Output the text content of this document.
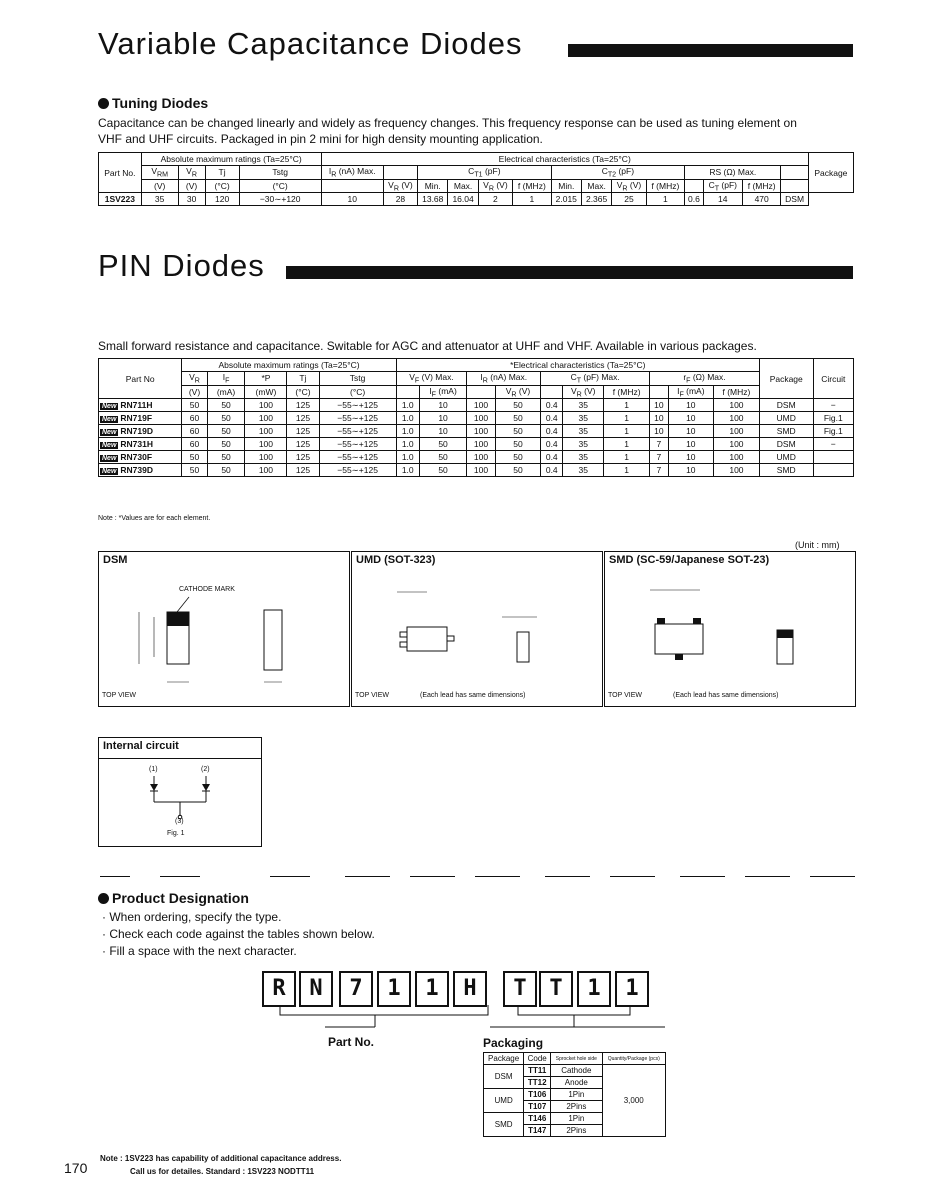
Variable Capacitance Diodes
Tuning Diodes
Capacitance can be changed linearly and widely as frequency changes. This frequency response can be used as tuning element on VHF and UHF circuits. Packaged in pin 2 mini for high density mounting application.
Part No.	Absolute maximum ratings (Ta=25°C)				Electrical characteristics (Ta=25°C)														Package
	$V_{RM}$	$V_R$	Tj	Tstg	$I_R$ (nA) Max.		$C_{T1}$ (pF)				$C_{T2}$ (pF)				RS (Ω) Max.				
	(V)	(V)	(°C)	(°C)		$V_R$ (V)	Min.	Max.	$V_R$ (V)	f (MHz)	Min.	Max.	$V_R$ (V)	f (MHz)		$C_T$ (pF)	f (MHz)		
1SV223	35	30	120	−30∼+120	10	28	13.68	16.04	2	1	2.015	2.365	25	1	0.6	14	470	DSM	
PIN Diodes
Small forward resistance and capacitance. Switable for AGC and attenuator at UHF and VHF. Available in various packages.
Part No	Absolute maximum ratings (Ta=25°C)					*Electrical characteristics (Ta=25°C)										Package	Circuit
	$V_R$	$I_F$	*P	Tj	Tstg	$V_F$ (V) Max.		$I_R$ (nA) Max.		$C_T$ (pF) Max.			$r_F$ (Ω) Max.				
	(V)	(mA)	(mW)	(°C)	(°C)		$I_F$ (mA)		$V_R$ (V)		$V_R$ (V)	f (MHz)		$I_F$ (mA)	f (MHz)		
New RN711H	50	50	100	125	−55∼+125	1.0	10	100	50	0.4	35	1	10	10	100	DSM	−
New RN719F	60	50	100	125	−55∼+125	1.0	10	100	50	0.4	35	1	10	10	100	UMD	Fig.1
New RN719D	60	50	100	125	−55∼+125	1.0	10	100	50	0.4	35	1	10	10	100	SMD	Fig.1
New RN731H	60	50	100	125	−55∼+125	1.0	50	100	50	0.4	35	1	7	10	100	DSM	−
New RN730F	50	50	100	125	−55∼+125	1.0	50	100	50	0.4	35	1	7	10	100	UMD	
New RN739D	50	50	100	125	−55∼+125	1.0	50	100	50	0.4	35	1	7	10	100	SMD	
Note : *Values are for each element.
(Unit : mm)
DSM
CATHODE MARK
TOP VIEW
UMD (SOT-323)
TOP VIEW	(Each lead has same dimensions)
SMD (SC-59/Japanese SOT-23)
TOP VIEW	(Each lead has same dimensions)
Internal circuit
(1)	(2)
(3)
Fig. 1
Product Designation
· When ordering, specify the type.
· Check each code against the tables shown below.
· Fill a space with the next character.
R	N	7	1	1	H	T	T	1	1
Part No.	Packaging
Package	Code	Sprocket hole side	Quantity/Package (pcs)
DSM	TT11	Cathode	3,000
	TT12	Anode	
UMD	T106	1Pin	
	T107	2Pins	
SMD	T146	1Pin	
	T147	2Pins	
170
Note : 1SV223 has capability of additional capacitance address.
Call us for detailes. Standard : 1SV223 NODTT11
